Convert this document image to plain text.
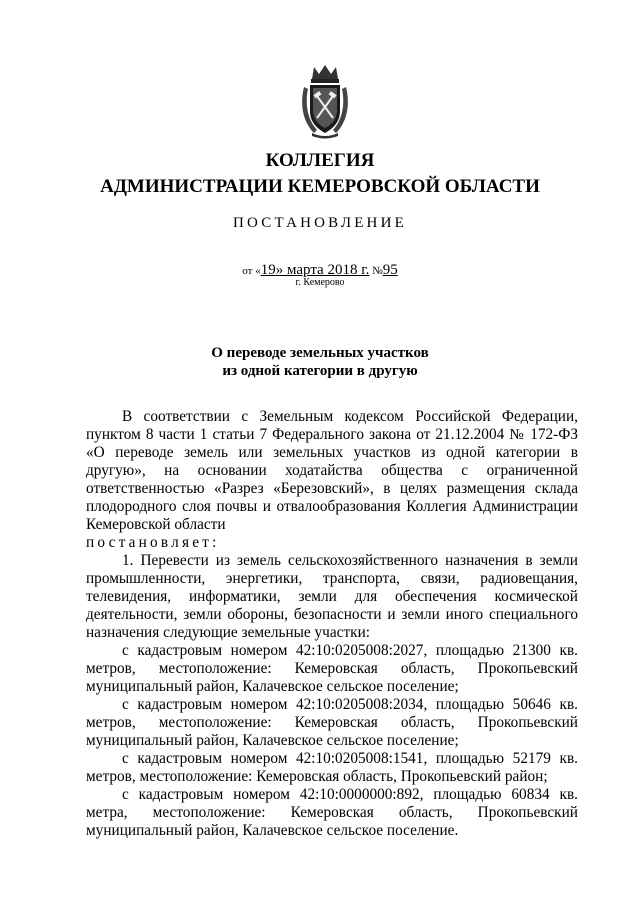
КОЛЛЕГИЯ
АДМИНИСТРАЦИИ КЕМЕРОВСКОЙ ОБЛАСТИ
ПОСТАНОВЛЕНИЕ
от «19» марта 2018 г. №95
г. Кемерово
О переводе земельных участков
из одной категории в другую

В соответствии с Земельным кодексом Российской Федерации, пунктом 8 части 1 статьи 7 Федерального закона от 21.12.2004 № 172-ФЗ «О переводе земель или земельных участков из одной категории в другую», на основании ходатайства общества с ограниченной ответственностью «Разрез «Березовский», в целях размещения склада плодородного слоя почвы и отвалообразования Коллегия Администрации Кемеровской области

постановляет:

1. Перевести из земель сельскохозяйственного назначения в земли промышленности, энергетики, транспорта, связи, радиовещания, телевидения, информатики, земли для обеспечения космической деятельности, земли обороны, безопасности и земли иного специального назначения следующие земельные участки:

с кадастровым номером 42:10:0205008:2027, площадью 21300 кв. метров, местоположение: Кемеровская область, Прокопьевский муниципальный район, Калачевское сельское поселение;

с кадастровым номером 42:10:0205008:2034, площадью 50646 кв. метров, местоположение: Кемеровская область, Прокопьевский муниципальный район, Калачевское сельское поселение;

с кадастровым номером 42:10:0205008:1541, площадью 52179 кв. метров, местоположение: Кемеровская область, Прокопьевский район;

с кадастровым номером 42:10:0000000:892, площадью 60834 кв. метра, местоположение: Кемеровская область, Прокопьевский муниципальный район, Калачевское сельское поселение.
